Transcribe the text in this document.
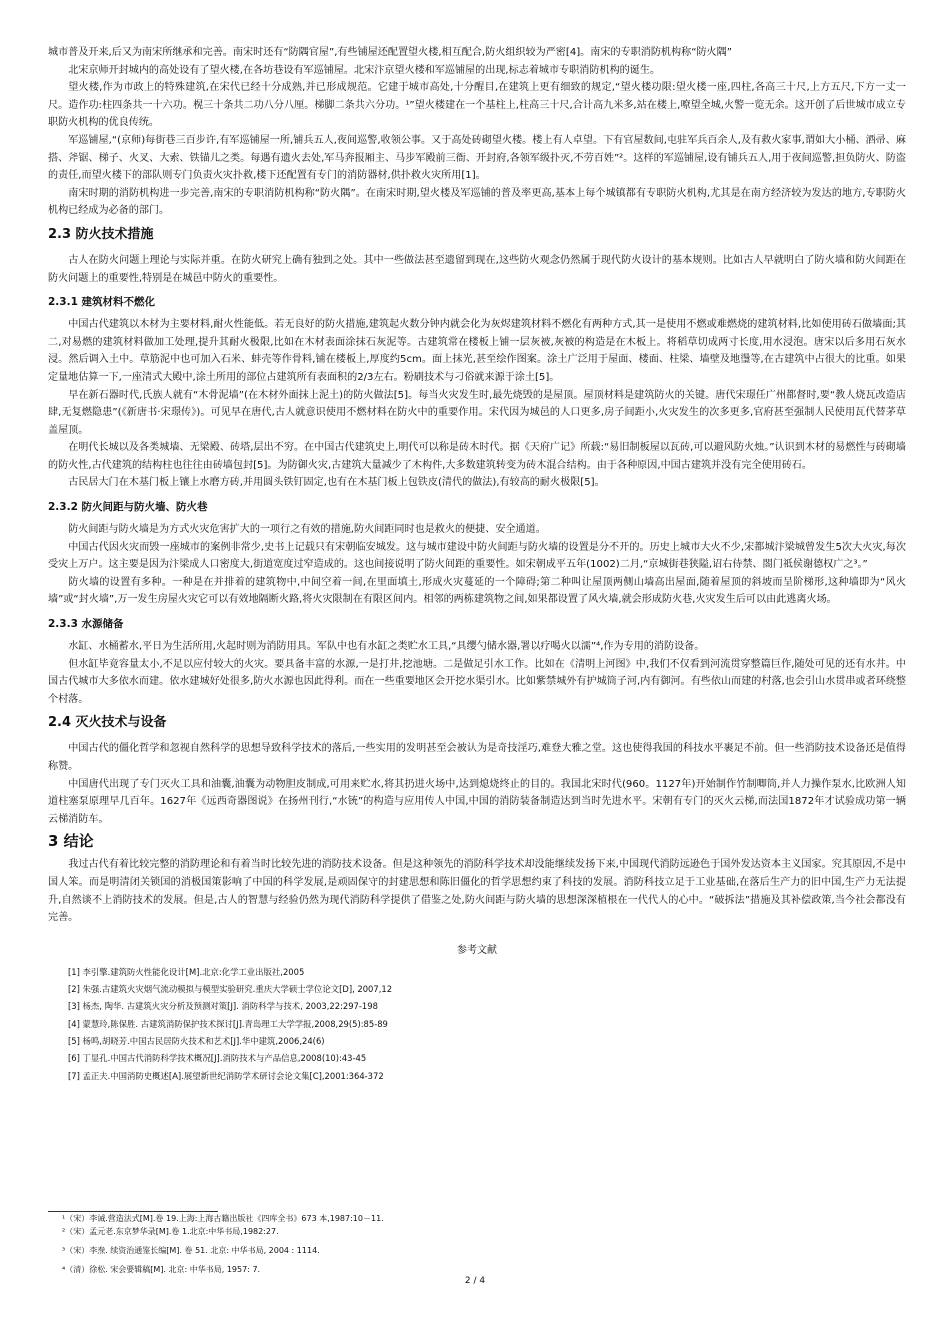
城市普及开来,后又为南宋所继承和完善。南宋时还有“防隅官屋”,有些铺屋还配置望火楼,相互配合,防火组织较为严密[4]。南宋的专职消防机构称“防火隅”

北宋京师开封城内的高处设有了望火楼,在各坊巷设有军巡铺屋。北宋汴京望火楼和军巡铺屋的出现,标志着城市专职消防机构的诞生。

望火楼,作为市政上的特殊建筑,在宋代已经十分成熟,并已形成规范。它建于城市高处,十分醒目,在建筑上更有细致的规定,“望火楼功限:望火楼一座,四柱,各高三十尺,上方五尺,下方一丈一尺。造作功:柱四条共一十六功。榥三十条共二功八分八厘。梯脚二条共六分功。¹”望火楼建在一个基柱上,柱高三十尺,合计高九米多,站在楼上,嘹望全城,火警一览无余。这开创了后世城市成立专职防火机构的优良传统。

军巡铺屋,“(京师)每街巷三百步许,有军巡铺屋一所,铺兵五人,夜间巡警,收领公事。又于高处砖砌望火楼。楼上有人卓望。下有官屋数间,屯驻军兵百余人,及有救火家事,谓如大小桶、酒帚、麻搭、斧锯、梯子、火叉、大索、铁锚儿之类。每遇有遗火去处,军马奔报厢主、马步军殿前三衙、开封府,各领军级扑灭,不劳百姓”²。这样的军巡铺屋,设有铺兵五人,用于夜间巡警,担负防火、防盗的责任,而望火楼下的部队则专门负责火灾扑救,楼下还配置有专门的消防器材,供扑救火灾所用[1]。

南宋时期的消防机构进一步完善,南宋的专职消防机构称“防火隅”。在南宋时期,望火楼及军巡铺的普及率更高,基本上每个城镇都有专职防火机构,尤其是在南方经济较为发达的地方,专职防火机构已经成为必备的部门。

2.3 防火技术措施

古人在防火问题上理论与实际并重。在防火研究上确有独到之处。其中一些做法甚至遗留到现在,这些防火观念仍然属于现代防火设计的基本规则。比如古人早就明白了防火墙和防火间距在防火问题上的重要性,特别是在城邑中防火的重要性。

2.3.1 建筑材料不燃化

中国古代建筑以木材为主要材料,耐火性能低。若无良好的防火措施,建筑起火数分钟内就会化为灰烬建筑材料不燃化有两种方式,其一是使用不燃或难燃烧的建筑材料,比如使用砖石做墙面;其二,对易燃的建筑材料做加工处理,提升其耐火极限,比如在木材表面涂抹石灰泥等。古建筑常在楼板上铺一层灰被,灰被的构造是在木板上。将稻草切成两寸长度,用水浸泡。唐宋以后多用石灰水浸。然后调入土中。草筋泥中也可加入石米、蚌壳等作骨料,铺在楼板上,厚度约5cm。面上抹光,甚至绘作图案。涂土广泛用于屋面、楼面、柱梁、墙壁及地璗等,在古建筑中占很大的比重。如果定量地估算一下,一座清式大殿中,涂土所用的部位占建筑所有表面积的2/3左右。粉刷技术与刁俗就来源于涂土[5]。

早在新石器时代,氏族人就有“木骨泥墙”(在木材外面抹上泥土)的防火做法[5]。每当火灾发生时,最先烧毁的是屋顶。屋顶材料是建筑防火的关键。唐代宋璟任广州都督时,要“教人烧瓦改造店肆,无复燃隐患”(《新唐书·宋璟传》)。可见早在唐代,古人就意识使用不燃材料在防火中的重要作用。宋代因为城邑的人口更多,房子间距小,火灾发生的次多更多,官府甚至强制人民使用瓦代替茅草盖屋顶。

在明代长城以及各类城墙、无梁殿、砖塔,层出不穷。在中国古代建筑史上,明代可以称是砖木时代。据《天府广记》所载:“易旧制板屋以瓦砖,可以避风防火烛。”认识到木材的易燃性与砖砌墙的防火性,古代建筑的结构柱也往往由砖墙包封[5]。为防御火灾,古建筑大量减少了木构件,大多数建筑转变为砖木混合结构。由于各种原因,中国古建筑并没有完全使用砖石。

古民居大门在木基门板上镶上水磨方砖,并用圆头铁钉固定,也有在木基门板上包铁皮(清代的做法),有较高的耐火极限[5]。

2.3.2 防火间距与防火墙、防火巷

防火间距与防火墙是为方式火灾危害扩大的一项行之有效的措施,防火间距同时也是救火的便捷、安全通道。

中国古代因火灾而毁一座城市的案例非常少,史书上记载只有宋朝临安城发。这与城市建设中防火间距与防火墙的设置是分不开的。历史上城市大火不少,宋都城汴梁城曾发生5次大火灾,每次受灾上万户。这主要是因为汴梁成人口密度大,街道宽度过窄造成的。这也间接说明了防火间距的重要性。如宋朝成平五年(1002)二月,“京城街巷狭隘,诏右侍禁、閤门祗侯谢德权广之³。”

防火墙的设置有多种。一种是在并排着的建筑物中,中间空着一间,在里面填土,形成火灾蔓延的一个障碍;第二种叫让屋顶两侧山墙高出屋面,随着屋顶的斜坡而呈阶梯形,这种墙即为“风火墙”或“封火墙”,万一发生房屋火灾它可以有效地隔断火路,将火灾限制在有限区间内。相邻的两栋建筑物之间,如果都设置了风火墙,就会形成防火巷,火灾发生后可以由此逃离火场。

2.3.3 水源储备

水缸、水桶蓄水,平日为生活所用,火起时则为消防用具。军队中也有水缸之类贮水工具,“具缨勺储水器,署以疗喝火以濡”⁴,作为专用的消防设备。

但水缸毕竟容量太小,不足以应付较大的火灾。要具备丰富的水源,一是打井,挖池塘。二是做足引水工作。比如在《清明上河图》中,我们不仅看到河流贯穿整篇巨作,随处可见的还有水井。中国古代城市大多依水而建。依水建城好处很多,防火水源也因此得利。而在一些重要地区会开挖水渠引水。比如紫禁城外有护城筒子河,内有御河。有些依山而建的村落,也会引山水贯串或者环绕整个村落。

2.4 灭火技术与设备

中国古代的僵化哲学和忽视自然科学的思想导致科学技术的落后,一些实用的发明甚至会被认为是奇技淫巧,难登大雅之堂。这也使得我国的科技水平裹足不前。但一些消防技术设备还是值得称赞。

中国唐代出现了专门灭火工具和油囊,油囊为动物胆皮制成,可用来贮水,将其扔进火场中,达到熄烧终止的目的。我国北宋时代(960。1127年)开始制作竹制唧筒,并人力操作泵水,比欧洲人知道柱塞泵原理早几百年。1627年《远西奇器图说》在扬州刊行,“水铳”的构造与应用传人中国,中国的消防装备制造达到当时先进水平。宋朝有专门的灭火云梯,而法国1872年才试验成功第一辆云梯消防车。

3 结论

我过古代有着比较完整的消防理论和有着当时比较先进的消防技术设备。但是这种领先的消防科学技术却没能继续发扬下来,中国现代消防远逊色于国外发达资本主义国家。究其原因,不是中国人笨。而是明清闭关锁国的消极国策影响了中国的科学发展,是顽固保守的封建思想和陈旧僵化的哲学思想约束了科技的发展。消防科技立足于工业基础,在落后生产力的旧中国,生产力无法提升,自然谈不上消防技术的发展。但是,古人的智慧与经验仍然为现代消防科学提供了借鉴之处,防火间距与防火墙的思想深深植根在一代代人的心中。“破拆法”措施及其补偿政策,当今社会都没有完善。

参考文献
[1] 李引擎.建筑防火性能化设计[M].北京:化学工业出版社,2005
[2] 朱强.古建筑火灾烟气流动模拟与模型实验研究.重庆大学硕士学位论文[D], 2007,12
[3] 杨杰, 陶华. 古建筑火灾分析及预测对策[J]. 消防科学与技术, 2003,22:297-198
[4] 蒙慧玲,陈保胜. 古建筑消防保护技术探讨[J].青岛理工大学学报,2008,29(5):85-89
[5] 杨鸣,胡晓芳.中国古民居防火技术和艺术[J].华中建筑,2006,24(6)
[6] 丁显孔.中国古代消防科学技术概况[J].消防技术与产品信息,2008(10):43-45
[7] 孟正夫.中国消防史概述[A].展望新世纪消防学术研讨会论文集[C],2001:364-372
¹（宋）李诫.营造法式[M].卷 19.上海:上海古籍出版社《四库全书》673 本,1987:10－11.
²（宋）孟元老.东京梦华录[M].卷 1.北京:中华书局,1982:27.
³（宋）李焘. 续资治通鉴长编[M]. 卷 51. 北京: 中华书局, 2004 : 1114.
⁴（清）徐松. 宋会要辑稿[M]. 北京: 中华书局, 1957: 7.
2 / 4
